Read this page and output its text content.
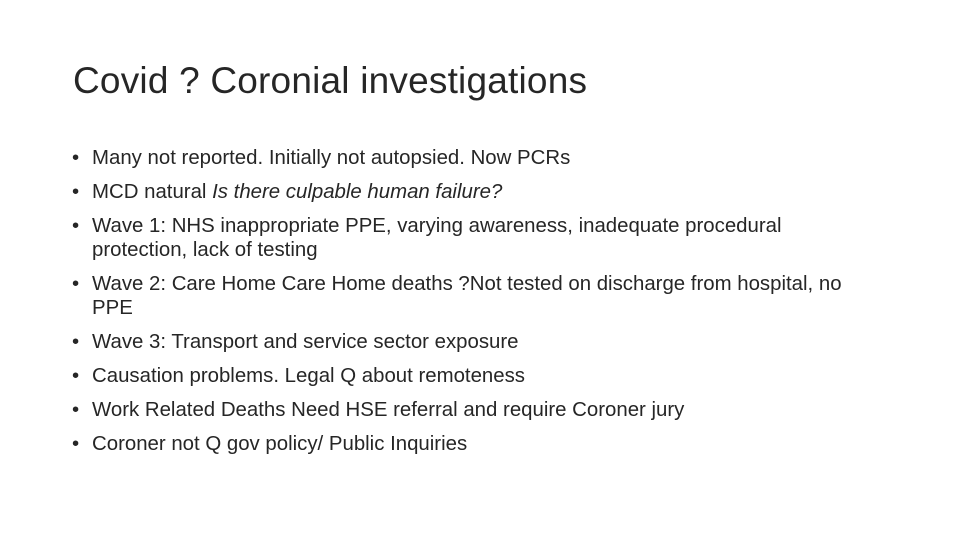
Covid ? Coronial investigations
• Many not reported. Initially not autopsied. Now PCRs
• MCD natural Is there culpable human failure?
• Wave 1: NHS inappropriate PPE, varying awareness, inadequate procedural protection, lack of testing
• Wave 2: Care Home Care Home deaths ?Not tested on discharge from hospital, no PPE
• Wave 3: Transport and service sector exposure
• Causation problems. Legal Q about remoteness
• Work Related Deaths Need HSE referral and require Coroner jury
• Coroner not Q gov policy/ Public Inquiries
